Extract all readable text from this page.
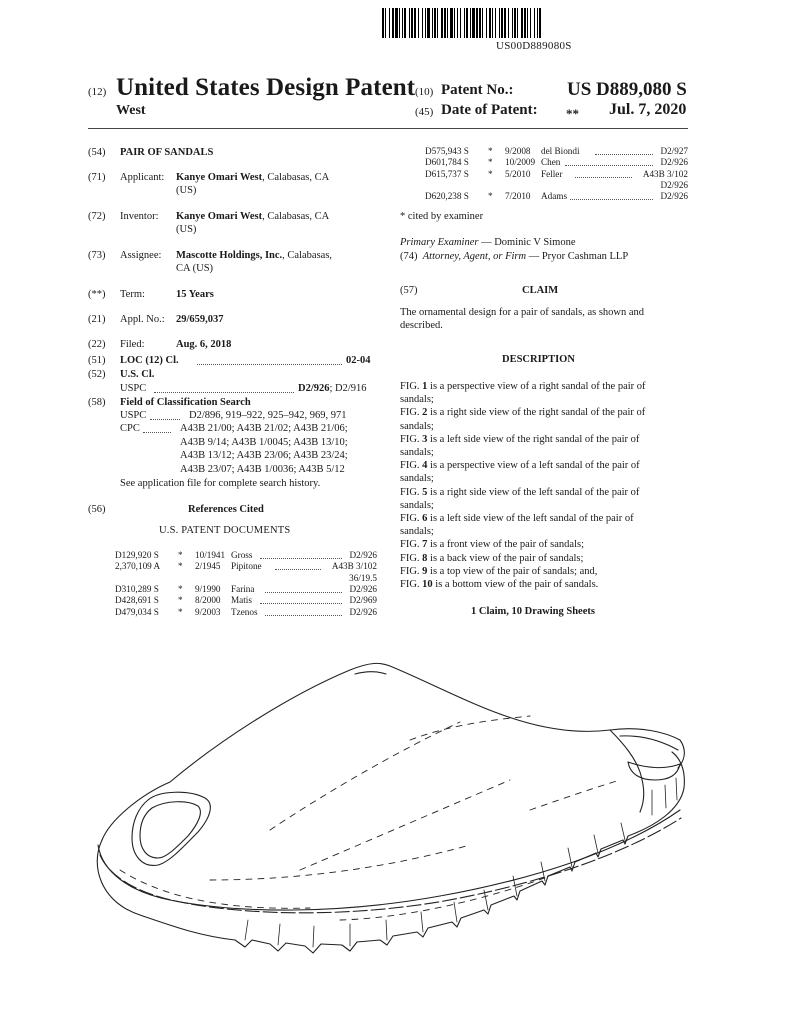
US00D889080S
(12) United States Design Patent
West
(10) Patent No.:	US D889,080 S
(45) Date of Patent: ** Jul. 7, 2020
(54) PAIR OF SANDALS
(71) Applicant: Kanye Omari West, Calabasas, CA
(US)
(72) Inventor: Kanye Omari West, Calabasas, CA
(US)
(73) Assignee: Mascotte Holdings, Inc., Calabasas,
CA (US)
(**) Term:	15 Years
(21) Appl. No.: 29/659,037
(22) Filed:	Aug. 6, 2018
(51) LOC (12) Cl.	02-04
(52) U.S. Cl.
USPC	D2/926; D2/916
(58) Field of Classification Search
USPC	D2/896, 919–922, 925–942, 969, 971
CPC	A43B 21/00; A43B 21/02; A43B 21/06;
A43B 9/14; A43B 1/0045; A43B 13/10;
A43B 13/12; A43B 23/06; A43B 23/24;
A43B 23/07; A43B 1/0036; A43B 5/12
See application file for complete search history.
(56)	References Cited
U.S. PATENT DOCUMENTS
D129,920 S * 10/1941 Gross	D2/926
2,370,109 A * 2/1945 Pipitone	A43B 3/102
36/19.5
D310,289 S * 9/1990 Farina	D2/926
D428,691 S * 8/2000 Matis	D2/969
D479,034 S * 9/2003 Tzenos	D2/926
D575,943 S * 9/2008 del Biondi	D2/927
D601,784 S * 10/2009 Chen	D2/926
D615,737 S * 5/2010 Feller	A43B 3/102
D2/926
D620,238 S * 7/2010 Adams	D2/926
* cited by examiner
Primary Examiner — Dominic V Simone
(74) Attorney, Agent, or Firm — Pryor Cashman LLP
(57)	CLAIM
The ornamental design for a pair of sandals, as shown and
described.
DESCRIPTION
FIG. 1 is a perspective view of a right sandal of the pair of
sandals;
FIG. 2 is a right side view of the right sandal of the pair of
sandals;
FIG. 3 is a left side view of the right sandal of the pair of
sandals;
FIG. 4 is a perspective view of a left sandal of the pair of
sandals;
FIG. 5 is a right side view of the left sandal of the pair of
sandals;
FIG. 6 is a left side view of the left sandal of the pair of
sandals;
FIG. 7 is a front view of the pair of sandals;
FIG. 8 is a back view of the pair of sandals;
FIG. 9 is a top view of the pair of sandals; and,
FIG. 10 is a bottom view of the pair of sandals.
1 Claim, 10 Drawing Sheets
